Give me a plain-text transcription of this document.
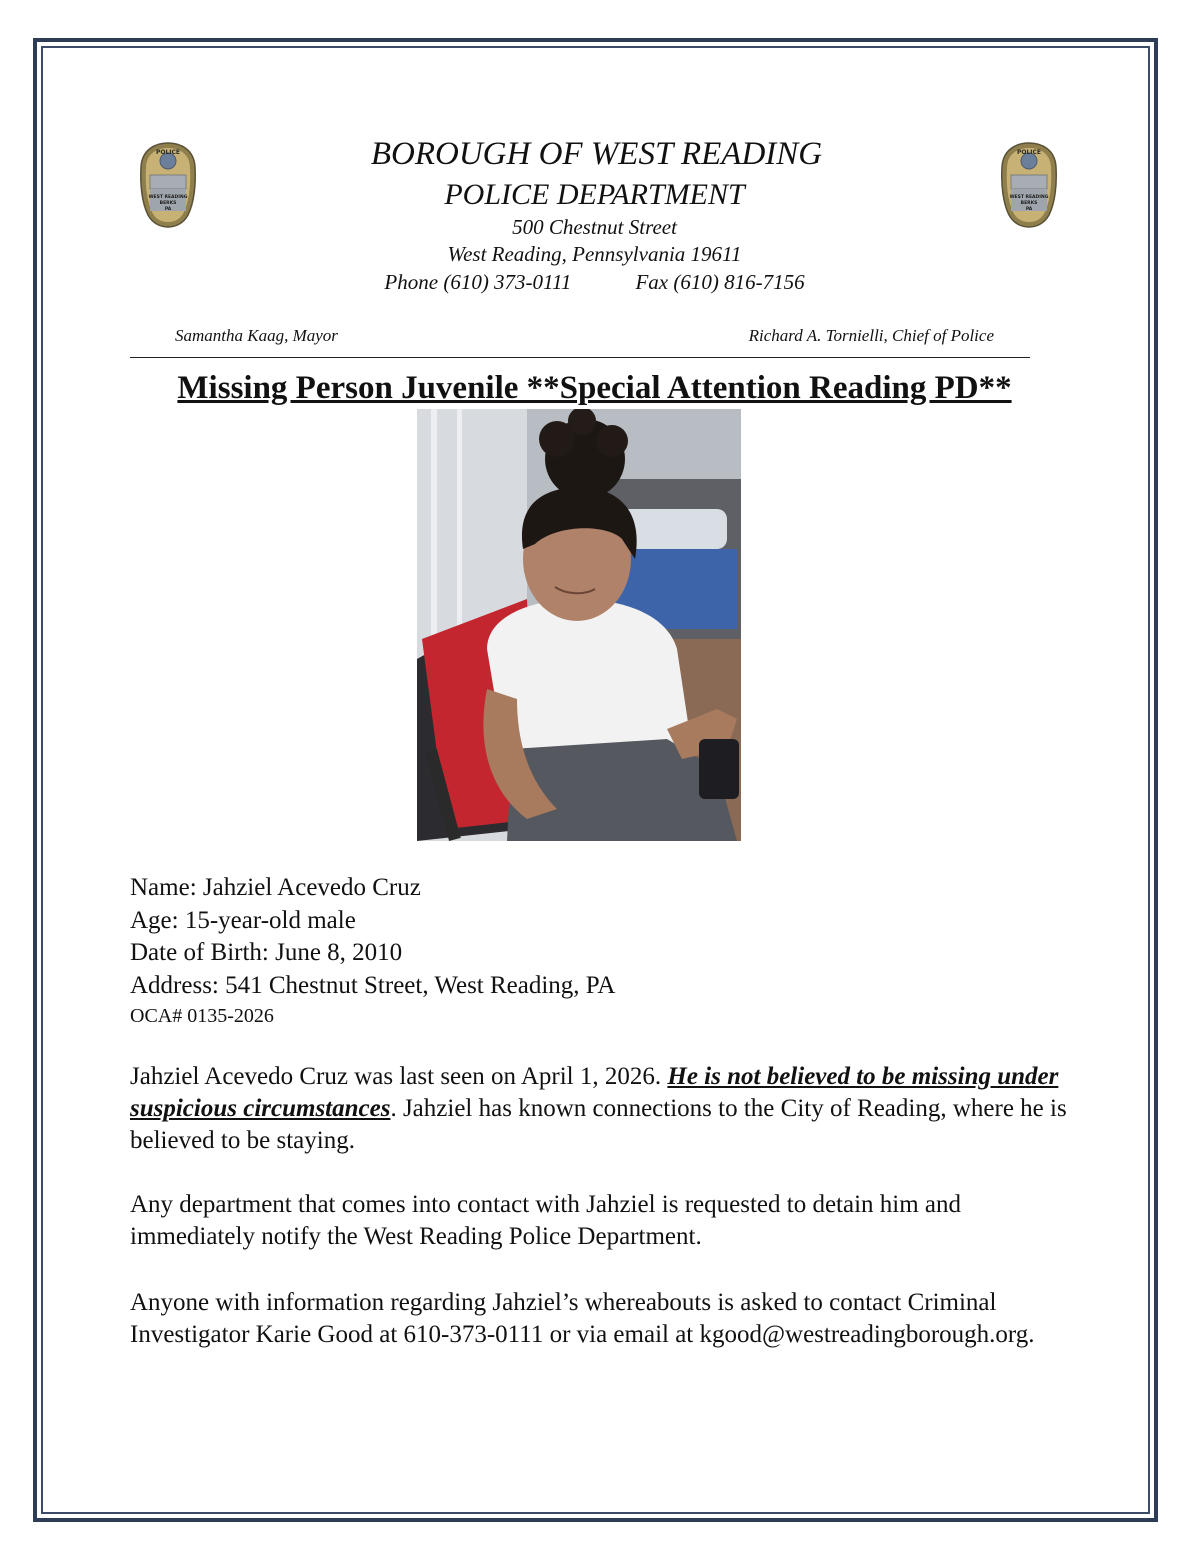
POLICE
WEST READING
BERKS
PA
POLICE
WEST READING
BERKS
PA
BOROUGH OF WEST READING
POLICE DEPARTMENT
500 Chestnut Street
West Reading, Pennsylvania 19611
Phone (610) 373-0111	Fax (610) 816-7156
Samantha Kaag, Mayor	Richard A. Tornielli, Chief of Police
Missing Person Juvenile **Special Attention Reading PD**
Name: Jahziel Acevedo Cruz
Age: 15-year-old male
Date of Birth: June 8, 2010
Address: 541 Chestnut Street, West Reading, PA
OCA# 0135-2026
Jahziel Acevedo Cruz was last seen on April 1, 2026. He is not believed to be missing under suspicious circumstances. Jahziel has known connections to the City of Reading, where he is believed to be staying.
Any department that comes into contact with Jahziel is requested to detain him and immediately notify the West Reading Police Department.
Anyone with information regarding Jahziel’s whereabouts is asked to contact Criminal Investigator Karie Good at 610-373-0111 or via email at kgood@westreadingborough.org.
